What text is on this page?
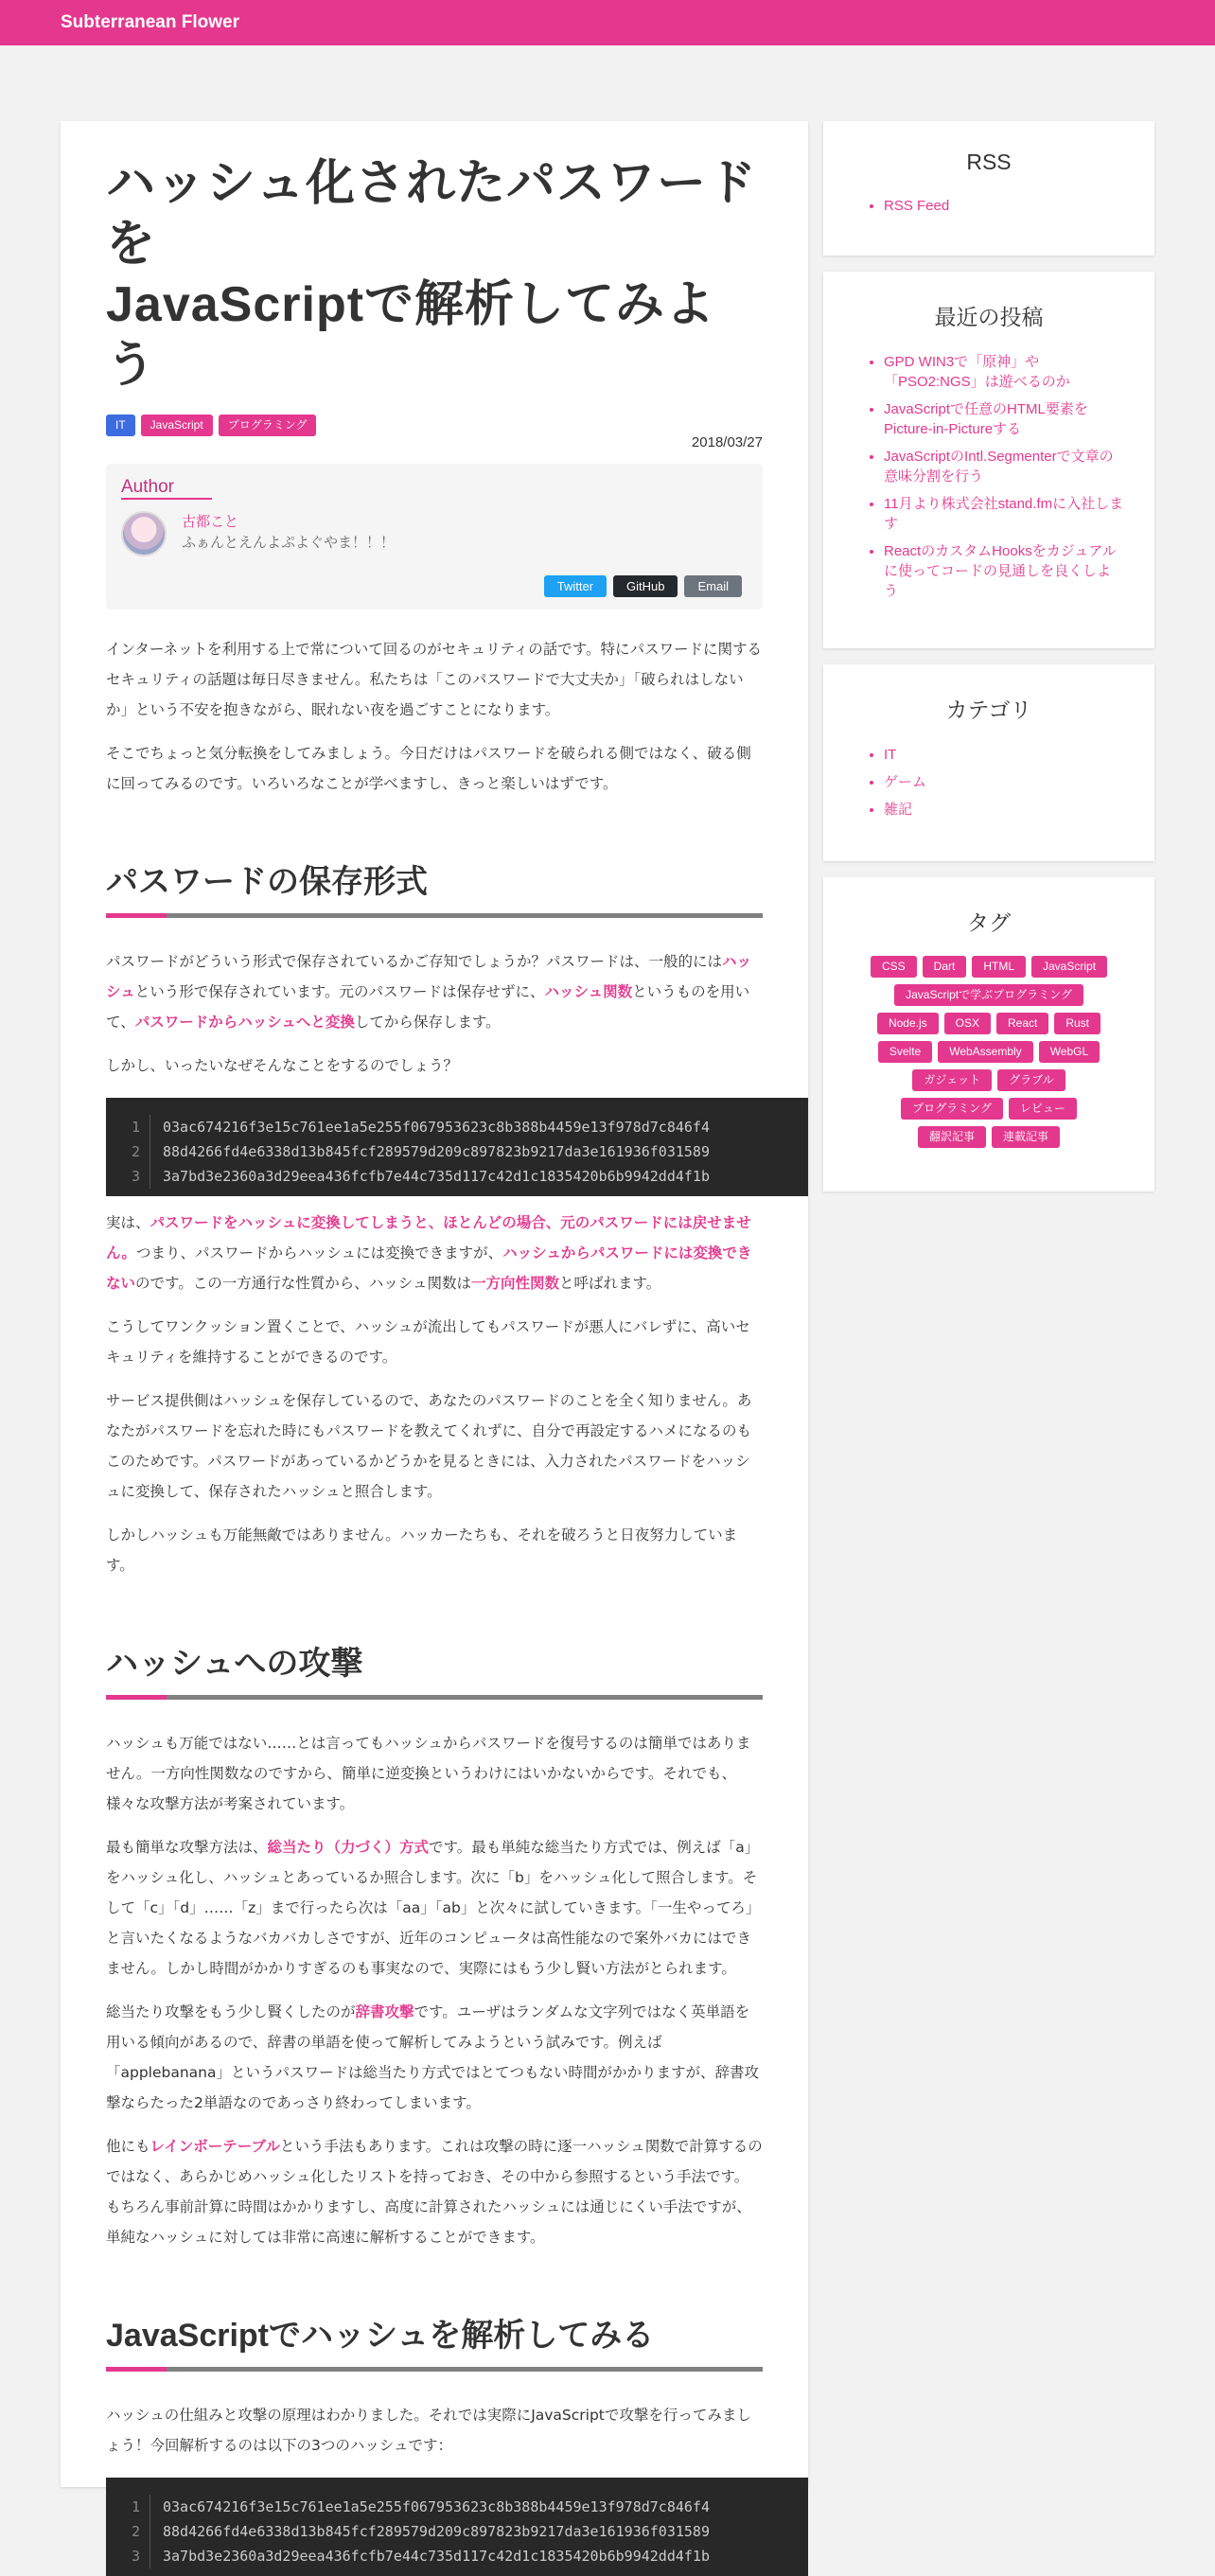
Subterranean Flower
ハッシュ化されたパスワードを
JavaScriptで解析してみよう
IT	JavaScript	プログラミング
2018/03/27
Author
古都こと
ふぁんとえんよぷよぐやま！！！
Twitter	GitHub	Email

インターネットを利用する上で常について回るのがセキュリティの話です。特にパスワードに関するセキュリティの話題は毎日尽きません。私たちは「このパスワードで大丈夫か」「破られはしないか」という不安を抱きながら、眠れない夜を過ごすことになります。

そこでちょっと気分転換をしてみましょう。今日だけはパスワードを破られる側ではなく、破る側に回ってみるのです。いろいろなことが学べますし、きっと楽しいはずです。

パスワードの保存形式

パスワードがどういう形式で保存されているかご存知でしょうか？パスワードは、一般的にはハッシュという形で保存されています。元のパスワードは保存せずに、ハッシュ関数というものを用いて、パスワードからハッシュへと変換してから保存します。

しかし、いったいなぜそんなことをするのでしょう？

1
2
3
03ac674216f3e15c761ee1a5e255f067953623c8b388b4459e13f978d7c846f4
88d4266fd4e6338d13b845fcf289579d209c897823b9217da3e161936f031589
3a7bd3e2360a3d29eea436fcfb7e44c735d117c42d1c1835420b6b9942dd4f1b

実は、パスワードをハッシュに変換してしまうと、ほとんどの場合、元のパスワードには戻せません。つまり、パスワードからハッシュには変換できますが、ハッシュからパスワードには変換できないのです。この一方通行な性質から、ハッシュ関数は一方向性関数と呼ばれます。

こうしてワンクッション置くことで、ハッシュが流出してもパスワードが悪人にバレずに、高いセキュリティを維持することができるのです。

サービス提供側はハッシュを保存しているので、あなたのパスワードのことを全く知りません。あなたがパスワードを忘れた時にもパスワードを教えてくれずに、自分で再設定するハメになるのもこのためです。パスワードがあっているかどうかを見るときには、入力されたパスワードをハッシュに変換して、保存されたハッシュと照合します。

しかしハッシュも万能無敵ではありません。ハッカーたちも、それを破ろうと日夜努力しています。

ハッシュへの攻撃

ハッシュも万能ではない……とは言ってもハッシュからパスワードを復号するのは簡単ではありません。一方向性関数なのですから、簡単に逆変換というわけにはいかないからです。それでも、様々な攻撃方法が考案されています。

最も簡単な攻撃方法は、総当たり（力づく）方式です。最も単純な総当たり方式では、例えば「a」をハッシュ化し、ハッシュとあっているか照合します。次に「b」をハッシュ化して照合します。そして「c」「d」……「z」まで行ったら次は「aa」「ab」と次々に試していきます。「一生やってろ」と言いたくなるようなバカバカしさですが、近年のコンピュータは高性能なので案外バカにはできません。しかし時間がかかりすぎるのも事実なので、実際にはもう少し賢い方法がとられます。

総当たり攻撃をもう少し賢くしたのが辞書攻撃です。ユーザはランダムな文字列ではなく英単語を用いる傾向があるので、辞書の単語を使って解析してみようという試みです。例えば「applebanana」というパスワードは総当たり方式ではとてつもない時間がかかりますが、辞書攻撃ならたった2単語なのであっさり終わってしまいます。

他にもレインボーテーブルという手法もあります。これは攻撃の時に逐一ハッシュ関数で計算するのではなく、あらかじめハッシュ化したリストを持っておき、その中から参照するという手法です。もちろん事前計算に時間はかかりますし、高度に計算されたハッシュには通じにくい手法ですが、単純なハッシュに対しては非常に高速に解析することができます。

JavaScriptでハッシュを解析してみる

ハッシュの仕組みと攻撃の原理はわかりました。それでは実際にJavaScriptで攻撃を行ってみましょう！今回解析するのは以下の3つのハッシュです：

1
2
3
03ac674216f3e15c761ee1a5e255f067953623c8b388b4459e13f978d7c846f4
88d4266fd4e6338d13b845fcf289579d209c897823b9217da3e161936f031589
3a7bd3e2360a3d29eea436fcfb7e44c735d117c42d1c1835420b6b9942dd4f1b
RSS
• RSS Feed
最近の投稿
• GPD WIN3で「原神」や「PSO2:NGS」は遊べるのか
• JavaScriptで任意のHTML要素をPicture-in-Pictureする
• JavaScriptのIntl.Segmenterで文章の意味分割を行う
• 11月より株式会社stand.fmに入社します
• ReactのカスタムHooksをカジュアルに使ってコードの見通しを良くしよう
カテゴリ
• IT
• ゲーム
• 雑記
タグ
CSS	Dart	HTML	JavaScript
JavaScriptで学ぶプログラミング
Node.js	OSX	React	Rust
Svelte	WebAssembly	WebGL
ガジェット	グラブル
プログラミング	レビュー
翻訳記事	連載記事
